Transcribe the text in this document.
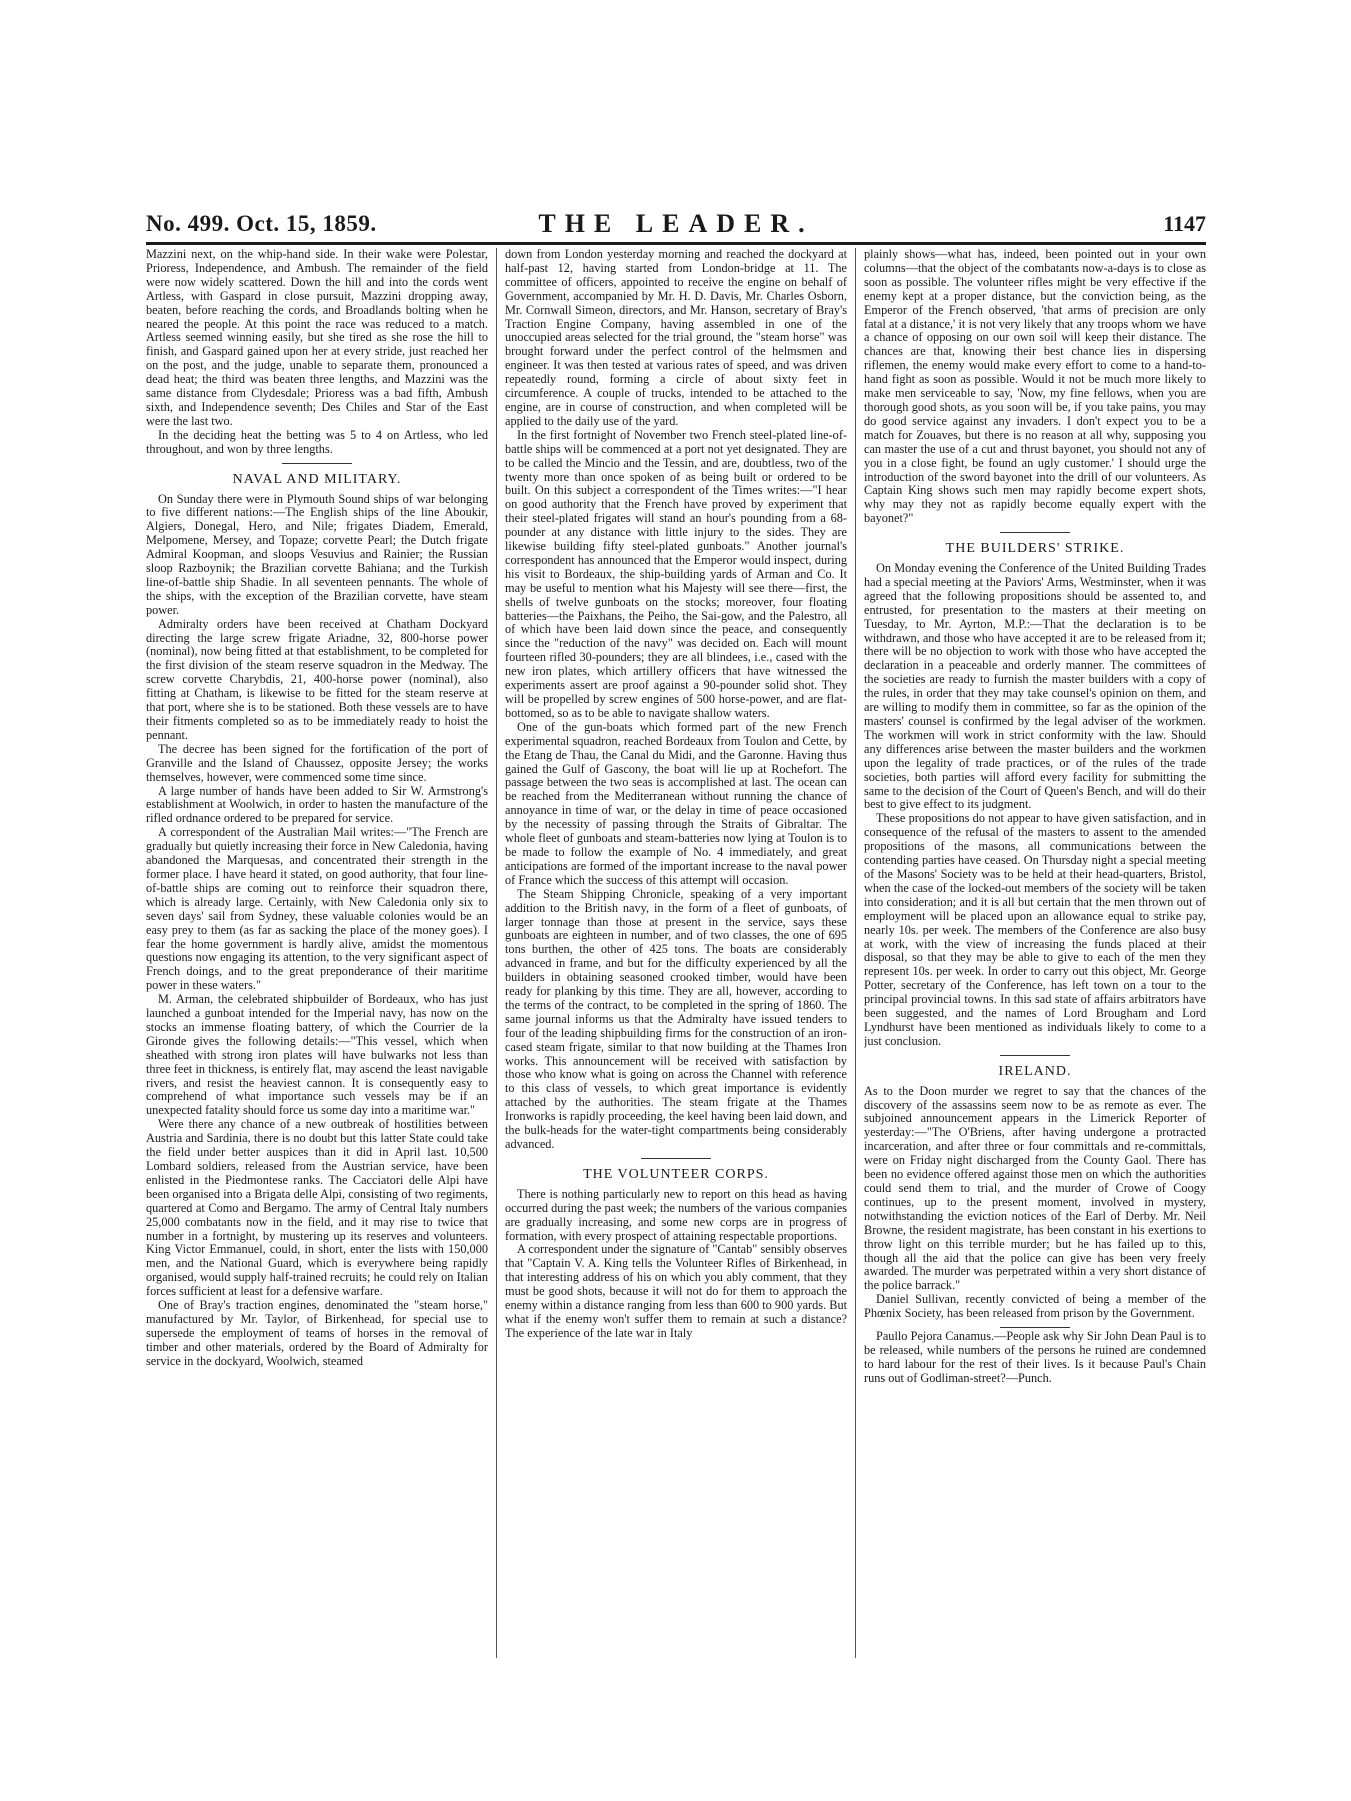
No. 499. Oct. 15, 1859.	THE LEADER.	1147

Mazzini next, on the whip-hand side. In their wake were Polestar, Prioress, Independence, and Ambush. The remainder of the field were now widely scattered. Down the hill and into the cords went Artless, with Gaspard in close pursuit, Mazzini dropping away, beaten, before reaching the cords, and Broadlands bolting when he neared the people. At this point the race was reduced to a match. Artless seemed winning easily, but she tired as she rose the hill to finish, and Gaspard gained upon her at every stride, just reached her on the post, and the judge, unable to separate them, pronounced a dead heat; the third was beaten three lengths, and Mazzini was the same distance from Clydesdale; Prioress was a bad fifth, Ambush sixth, and Independence seventh; Des Chiles and Star of the East were the last two.

In the deciding heat the betting was 5 to 4 on Artless, who led throughout, and won by three lengths.

NAVAL AND MILITARY.

On Sunday there were in Plymouth Sound ships of war belonging to five different nations:—The English ships of the line Aboukir, Algiers, Donegal, Hero, and Nile; frigates Diadem, Emerald, Melpomene, Mersey, and Topaze; corvette Pearl; the Dutch frigate Admiral Koopman, and sloops Vesuvius and Rainier; the Russian sloop Razboynik; the Brazilian corvette Bahiana; and the Turkish line-of-battle ship Shadie. In all seventeen pennants. The whole of the ships, with the exception of the Brazilian corvette, have steam power.

Admiralty orders have been received at Chatham Dockyard directing the large screw frigate Ariadne, 32, 800-horse power (nominal), now being fitted at that establishment, to be completed for the first division of the steam reserve squadron in the Medway. The screw corvette Charybdis, 21, 400-horse power (nominal), also fitting at Chatham, is likewise to be fitted for the steam reserve at that port, where she is to be stationed. Both these vessels are to have their fitments completed so as to be immediately ready to hoist the pennant.

The decree has been signed for the fortification of the port of Granville and the Island of Chaussez, opposite Jersey; the works themselves, however, were commenced some time since.

A large number of hands have been added to Sir W. Armstrong's establishment at Woolwich, in order to hasten the manufacture of the rifled ordnance ordered to be prepared for service.

A correspondent of the Australian Mail writes:—"The French are gradually but quietly increasing their force in New Caledonia, having abandoned the Marquesas, and concentrated their strength in the former place. I have heard it stated, on good authority, that four line-of-battle ships are coming out to reinforce their squadron there, which is already large. Certainly, with New Caledonia only six to seven days' sail from Sydney, these valuable colonies would be an easy prey to them (as far as sacking the place of the money goes). I fear the home government is hardly alive, amidst the momentous questions now engaging its attention, to the very significant aspect of French doings, and to the great preponderance of their maritime power in these waters."

M. Arman, the celebrated shipbuilder of Bordeaux, who has just launched a gunboat intended for the Imperial navy, has now on the stocks an immense floating battery, of which the Courrier de la Gironde gives the following details:—"This vessel, which when sheathed with strong iron plates will have bulwarks not less than three feet in thickness, is entirely flat, may ascend the least navigable rivers, and resist the heaviest cannon. It is consequently easy to comprehend of what importance such vessels may be if an unexpected fatality should force us some day into a maritime war."

Were there any chance of a new outbreak of hostilities between Austria and Sardinia, there is no doubt but this latter State could take the field under better auspices than it did in April last. 10,500 Lombard soldiers, released from the Austrian service, have been enlisted in the Piedmontese ranks. The Cacciatori delle Alpi have been organised into a Brigata delle Alpi, consisting of two regiments, quartered at Como and Bergamo. The army of Central Italy numbers 25,000 combatants now in the field, and it may rise to twice that number in a fortnight, by mustering up its reserves and volunteers. King Victor Emmanuel, could, in short, enter the lists with 150,000 men, and the National Guard, which is everywhere being rapidly organised, would supply half-trained recruits; he could rely on Italian forces sufficient at least for a defensive warfare.

One of Bray's traction engines, denominated the "steam horse," manufactured by Mr. Taylor, of Birkenhead, for special use to supersede the employment of teams of horses in the removal of timber and other materials, ordered by the Board of Admiralty for service in the dockyard, Woolwich, steamed

down from London yesterday morning and reached the dockyard at half-past 12, having started from London-bridge at 11. The committee of officers, appointed to receive the engine on behalf of Government, accompanied by Mr. H. D. Davis, Mr. Charles Osborn, Mr. Cornwall Simeon, directors, and Mr. Hanson, secretary of Bray's Traction Engine Company, having assembled in one of the unoccupied areas selected for the trial ground, the "steam horse" was brought forward under the perfect control of the helmsmen and engineer. It was then tested at various rates of speed, and was driven repeatedly round, forming a circle of about sixty feet in circumference. A couple of trucks, intended to be attached to the engine, are in course of construction, and when completed will be applied to the daily use of the yard.

In the first fortnight of November two French steel-plated line-of-battle ships will be commenced at a port not yet designated. They are to be called the Mincio and the Tessin, and are, doubtless, two of the twenty more than once spoken of as being built or ordered to be built. On this subject a correspondent of the Times writes:—"I hear on good authority that the French have proved by experiment that their steel-plated frigates will stand an hour's pounding from a 68-pounder at any distance with little injury to the sides. They are likewise building fifty steel-plated gunboats." Another journal's correspondent has announced that the Emperor would inspect, during his visit to Bordeaux, the ship-building yards of Arman and Co. It may be useful to mention what his Majesty will see there—first, the shells of twelve gunboats on the stocks; moreover, four floating batteries—the Paixhans, the Peiho, the Sai-gow, and the Palestro, all of which have been laid down since the peace, and consequently since the "reduction of the navy" was decided on. Each will mount fourteen rifled 30-pounders; they are all blindees, i.e., cased with the new iron plates, which artillery officers that have witnessed the experiments assert are proof against a 90-pounder solid shot. They will be propelled by screw engines of 500 horse-power, and are flat-bottomed, so as to be able to navigate shallow waters.

One of the gun-boats which formed part of the new French experimental squadron, reached Bordeaux from Toulon and Cette, by the Etang de Thau, the Canal du Midi, and the Garonne. Having thus gained the Gulf of Gascony, the boat will lie up at Rochefort. The passage between the two seas is accomplished at last. The ocean can be reached from the Mediterranean without running the chance of annoyance in time of war, or the delay in time of peace occasioned by the necessity of passing through the Straits of Gibraltar. The whole fleet of gunboats and steam-batteries now lying at Toulon is to be made to follow the example of No. 4 immediately, and great anticipations are formed of the important increase to the naval power of France which the success of this attempt will occasion.

The Steam Shipping Chronicle, speaking of a very important addition to the British navy, in the form of a fleet of gunboats, of larger tonnage than those at present in the service, says these gunboats are eighteen in number, and of two classes, the one of 695 tons burthen, the other of 425 tons. The boats are considerably advanced in frame, and but for the difficulty experienced by all the builders in obtaining seasoned crooked timber, would have been ready for planking by this time. They are all, however, according to the terms of the contract, to be completed in the spring of 1860. The same journal informs us that the Admiralty have issued tenders to four of the leading shipbuilding firms for the construction of an iron-cased steam frigate, similar to that now building at the Thames Iron works. This announcement will be received with satisfaction by those who know what is going on across the Channel with reference to this class of vessels, to which great importance is evidently attached by the authorities. The steam frigate at the Thames Ironworks is rapidly proceeding, the keel having been laid down, and the bulk-heads for the water-tight compartments being considerably advanced.

THE VOLUNTEER CORPS.

There is nothing particularly new to report on this head as having occurred during the past week; the numbers of the various companies are gradually increasing, and some new corps are in progress of formation, with every prospect of attaining respectable proportions.

A correspondent under the signature of "Cantab" sensibly observes that "Captain V. A. King tells the Volunteer Rifles of Birkenhead, in that interesting address of his on which you ably comment, that they must be good shots, because it will not do for them to approach the enemy within a distance ranging from less than 600 to 900 yards. But what if the enemy won't suffer them to remain at such a distance? The experience of the late war in Italy

plainly shows—what has, indeed, been pointed out in your own columns—that the object of the combatants now-a-days is to close as soon as possible. The volunteer rifles might be very effective if the enemy kept at a proper distance, but the conviction being, as the Emperor of the French observed, 'that arms of precision are only fatal at a distance,' it is not very likely that any troops whom we have a chance of opposing on our own soil will keep their distance. The chances are that, knowing their best chance lies in dispersing riflemen, the enemy would make every effort to come to a hand-to-hand fight as soon as possible. Would it not be much more likely to make men serviceable to say, 'Now, my fine fellows, when you are thorough good shots, as you soon will be, if you take pains, you may do good service against any invaders. I don't expect you to be a match for Zouaves, but there is no reason at all why, supposing you can master the use of a cut and thrust bayonet, you should not any of you in a close fight, be found an ugly customer.' I should urge the introduction of the sword bayonet into the drill of our volunteers. As Captain King shows such men may rapidly become expert shots, why may they not as rapidly become equally expert with the bayonet?"

THE BUILDERS' STRIKE.

On Monday evening the Conference of the United Building Trades had a special meeting at the Paviors' Arms, Westminster, when it was agreed that the following propositions should be assented to, and entrusted, for presentation to the masters at their meeting on Tuesday, to Mr. Ayrton, M.P.:—That the declaration is to be withdrawn, and those who have accepted it are to be released from it; there will be no objection to work with those who have accepted the declaration in a peaceable and orderly manner. The committees of the societies are ready to furnish the master builders with a copy of the rules, in order that they may take counsel's opinion on them, and are willing to modify them in committee, so far as the opinion of the masters' counsel is confirmed by the legal adviser of the workmen. The workmen will work in strict conformity with the law. Should any differences arise between the master builders and the workmen upon the legality of trade practices, or of the rules of the trade societies, both parties will afford every facility for submitting the same to the decision of the Court of Queen's Bench, and will do their best to give effect to its judgment.

These propositions do not appear to have given satisfaction, and in consequence of the refusal of the masters to assent to the amended propositions of the masons, all communications between the contending parties have ceased. On Thursday night a special meeting of the Masons' Society was to be held at their head-quarters, Bristol, when the case of the locked-out members of the society will be taken into consideration; and it is all but certain that the men thrown out of employment will be placed upon an allowance equal to strike pay, nearly 10s. per week. The members of the Conference are also busy at work, with the view of increasing the funds placed at their disposal, so that they may be able to give to each of the men they represent 10s. per week. In order to carry out this object, Mr. George Potter, secretary of the Conference, has left town on a tour to the principal provincial towns. In this sad state of affairs arbitrators have been suggested, and the names of Lord Brougham and Lord Lyndhurst have been mentioned as individuals likely to come to a just conclusion.

IRELAND.

As to the Doon murder we regret to say that the chances of the discovery of the assassins seem now to be as remote as ever. The subjoined announcement appears in the Limerick Reporter of yesterday:—"The O'Briens, after having undergone a protracted incarceration, and after three or four committals and re-committals, were on Friday night discharged from the County Gaol. There has been no evidence offered against those men on which the authorities could send them to trial, and the murder of Crowe of Coogy continues, up to the present moment, involved in mystery, notwithstanding the eviction notices of the Earl of Derby. Mr. Neil Browne, the resident magistrate, has been constant in his exertions to throw light on this terrible murder; but he has failed up to this, though all the aid that the police can give has been very freely awarded. The murder was perpetrated within a very short distance of the police barrack."

Daniel Sullivan, recently convicted of being a member of the Phœnix Society, has been released from prison by the Government.

Paullo Pejora Canamus.—People ask why Sir John Dean Paul is to be released, while numbers of the persons he ruined are condemned to hard labour for the rest of their lives. Is it because Paul's Chain runs out of Godliman-street?—Punch.
